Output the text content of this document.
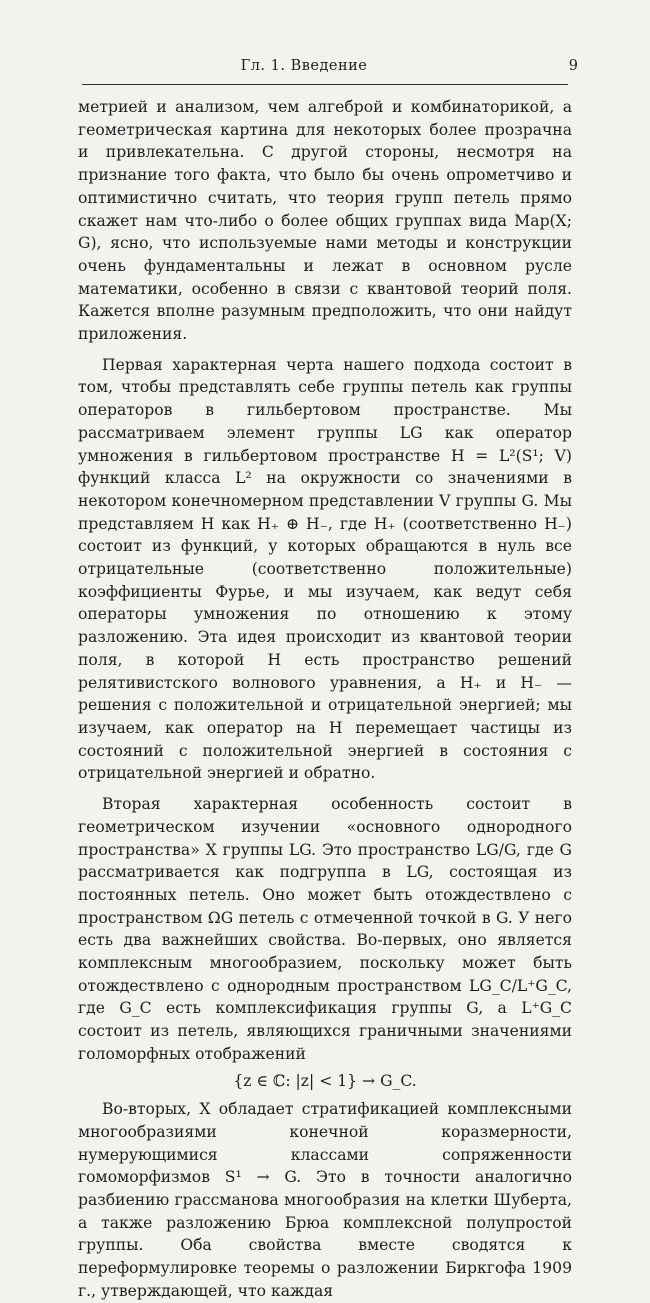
Гл. 1. Введение	9

метрией и анализом, чем алгеброй и комбинаторикой, а геометрическая картина для некоторых более прозрачна и привлекательна. С другой стороны, несмотря на признание того факта, что было бы очень опрометчиво и оптимистично считать, что теория групп петель прямо скажет нам что-либо о более общих группах вида Map(X; G), ясно, что используемые нами методы и конструкции очень фундаментальны и лежат в основном русле математики, особенно в связи с квантовой теорий поля. Кажется вполне разумным предположить, что они найдут приложения.

Первая характерная черта нашего подхода состоит в том, чтобы представлять себе группы петель как группы операторов в гильбертовом пространстве. Мы рассматриваем элемент группы LG как оператор умножения в гильбертовом пространстве H = L²(S¹; V) функций класса L² на окружности со значениями в некотором конечномерном представлении V группы G. Мы представляем H как H₊ ⊕ H₋, где H₊ (соответственно H₋) состоит из функций, у которых обращаются в нуль все отрицательные (соответственно положительные) коэффициенты Фурье, и мы изучаем, как ведут себя операторы умножения по отношению к этому разложению. Эта идея происходит из квантовой теории поля, в которой H есть пространство решений релятивистского волнового уравнения, а H₊ и H₋ — решения с положительной и отрицательной энергией; мы изучаем, как оператор на H перемещает частицы из состояний с положительной энергией в состояния с отрицательной энергией и обратно.

Вторая характерная особенность состоит в геометрическом изучении «основного однородного пространства» X группы LG. Это пространство LG/G, где G рассматривается как подгруппа в LG, состоящая из постоянных петель. Оно может быть отождествлено с пространством ΩG петель с отмеченной точкой в G. У него есть два важнейших свойства. Во-первых, оно является комплексным многообразием, поскольку может быть отождествлено с однородным пространством LG_C/L⁺G_C, где G_C есть комплексификация группы G, а L⁺G_C состоит из петель, являющихся граничными значениями голоморфных отображений

{z ∈ ℂ: |z| < 1} → G_C.

Во-вторых, X обладает стратификацией комплексными многообразиями конечной коразмерности, нумерующимися классами сопряженности гомоморфизмов S¹ → G. Это в точности аналогично разбиению грассманова многообразия на клетки Шуберта, а также разложению Брюа комплексной полупростой группы. Оба свойства вместе сводятся к переформулировке теоремы о разложении Биркгофа 1909 г., утверждающей, что каждая
